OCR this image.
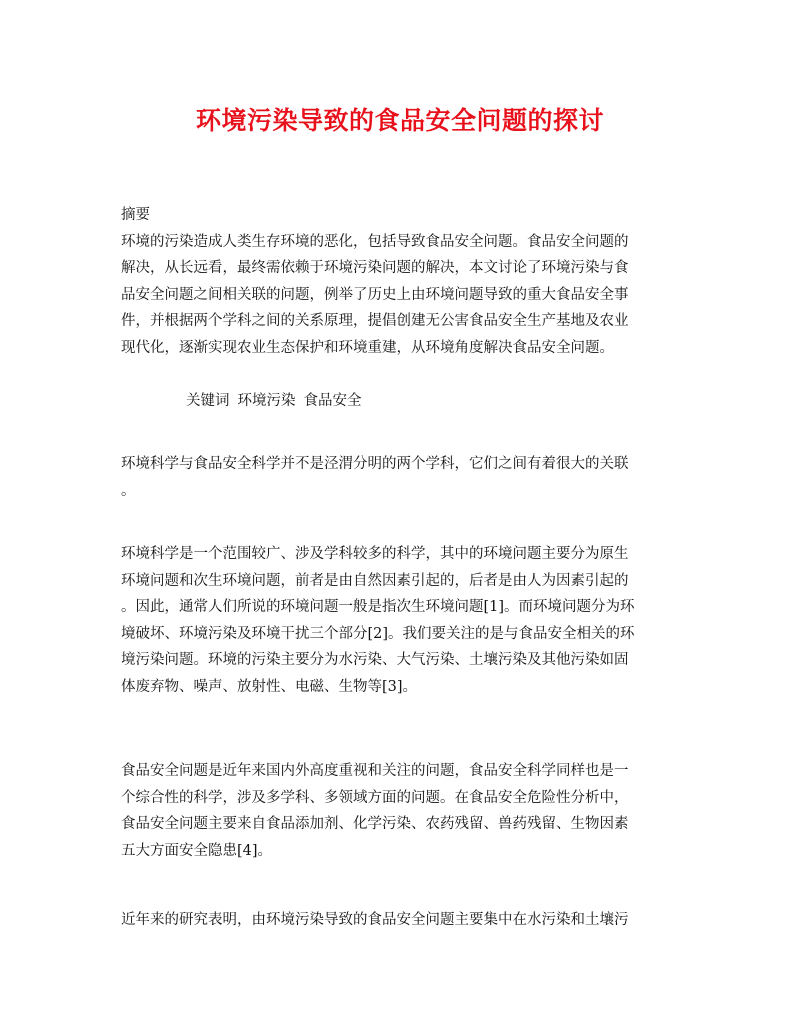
环境污染导致的食品安全问题的探讨
摘要
环境的污染造成人类生存环境的恶化，包括导致食品安全问题。食品安全问题的
解决，从长远看，最终需依赖于环境污染问题的解决，本文讨论了环境污染与食
品安全问题之间相关联的问题，例举了历史上由环境问题导致的重大食品安全事
件，并根据两个学科之间的关系原理，提倡创建无公害食品安全生产基地及农业
现代化，逐渐实现农业生态保护和环境重建，从环境角度解决食品安全问题。
关键词 环境污染 食品安全
环境科学与食品安全科学并不是泾渭分明的两个学科，它们之间有着很大的关联
。
环境科学是一个范围较广、涉及学科较多的科学，其中的环境问题主要分为原生
环境问题和次生环境问题，前者是由自然因素引起的，后者是由人为因素引起的
。因此，通常人们所说的环境问题一般是指次生环境问题[1]。而环境问题分为环
境破坏、环境污染及环境干扰三个部分[2]。我们要关注的是与食品安全相关的环
境污染问题。环境的污染主要分为水污染、大气污染、土壤污染及其他污染如固
体废弃物、噪声、放射性、电磁、生物等[3]。
食品安全问题是近年来国内外高度重视和关注的问题，食品安全科学同样也是一
个综合性的科学，涉及多学科、多领域方面的问题。在食品安全危险性分析中，
食品安全问题主要来自食品添加剂、化学污染、农药残留、兽药残留、生物因素
五大方面安全隐患[4]。
近年来的研究表明，由环境污染导致的食品安全问题主要集中在水污染和土壤污
